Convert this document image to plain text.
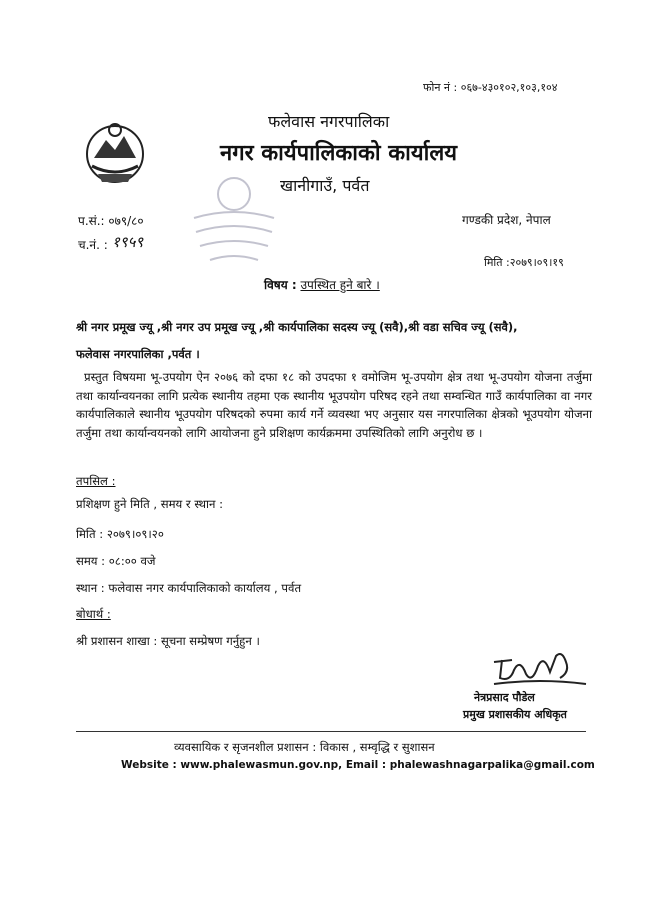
फोन नं : ०६७-४३०१०२,१०३,१०४
फलेवास नगरपालिका
नगर कार्यपालिकाको कार्यालय
खानीगाउँ, पर्वत
गण्डकी प्रदेश, नेपाल
प.सं.: ०७९/८०
च.नं. : १९५९
मिति :२०७९।०९।१९
विषय : उपस्थित हुने बारे ।
श्री नगर प्रमूख ज्यू ,श्री नगर उप प्रमूख ज्यू ,श्री कार्यपालिका सदस्य ज्यू (सवै),श्री वडा सचिव ज्यू (सवै),
फलेवास नगरपालिका ,पर्वत ।
प्रस्तुत विषयमा भू-उपयोग ऐन २०७६ को दफा १८ को उपदफा १ वमोजिम भू-उपयोग क्षेत्र तथा भू-उपयोग योजना तर्जुमा तथा कार्यान्वयनका लागि प्रत्येक स्थानीय तहमा एक स्थानीय भूउपयोग परिषद रहने तथा सम्वन्धित गाउँ कार्यपालिका वा नगर कार्यपालिकाले स्थानीय भूउपयोग परिषदको रुपमा कार्य गर्ने व्यवस्था भए अनुसार यस नगरपालिका क्षेत्रको भूउपयोग योजना तर्जुमा तथा कार्यान्वयनको लागि आयोजना हुने प्रशिक्षण कार्यक्रममा उपस्थितिको लागि अनुरोध छ ।
तपसिल :
प्रशिक्षण हुने मिति , समय र स्थान :
मिति : २०७९।०९।२०
समय : ०८:०० वजे
स्थान : फलेवास नगर कार्यपालिकाको कार्यालय , पर्वत
बोधार्थ :
श्री प्रशासन शाखा : सूचना सम्प्रेषण गर्नुहुन ।
नेत्रप्रसाद पौडेल
प्रमुख प्रशासकीय अधिकृत
व्यवसायिक र सृजनशील प्रशासन : विकास , सम्वृद्धि र सुशासन
Website : www.phalewasmun.gov.np, Email : phalewashnagarpalika@gmail.com
